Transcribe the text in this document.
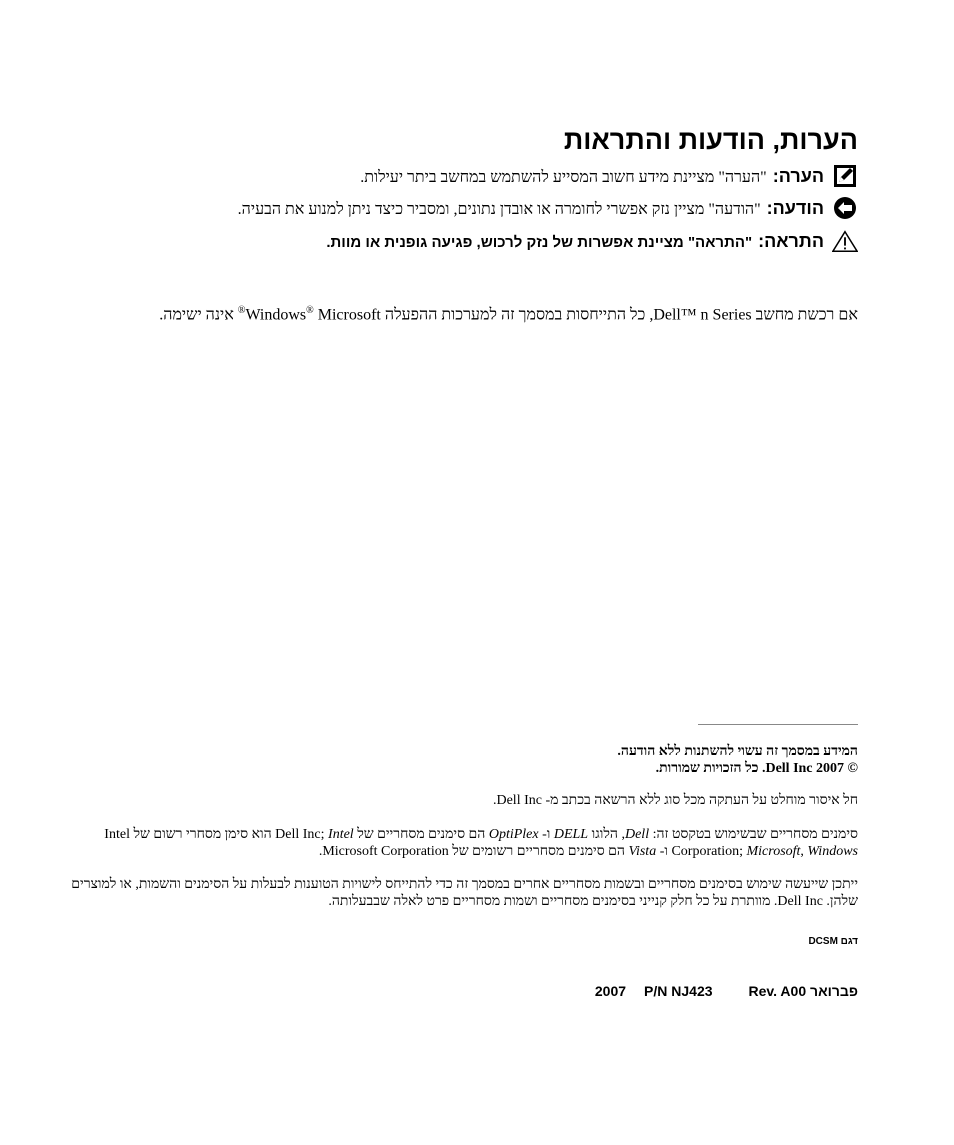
הערות, הודעות והתראות
הערה:"הערה" מציינת מידע חשוב המסייע להשתמש במחשב ביתר יעילות.
הודעה:"הודעה" מציין נזק אפשרי לחומרה או אובדן נתונים, ומסביר כיצד ניתן למנוע את הבעיה.
התראה:"התראה" מציינת אפשרות של נזק לרכוש, פגיעה גופנית או מוות.
אם רכשת מחשב Dell™ n Series, כל התייחסות במסמך זה למערכות ההפעלה Windows® Microsoft® אינה ישימה.
המידע במסמך זה עשוי להשתנות ללא הודעה.
© 2007 Dell Inc. כל הזכויות שמורות.
חל איסור מוחלט על העתקה מכל סוג ללא הרשאה בכתב מ- Dell Inc.
סימנים מסחריים שבשימוש בטקסט זה: Dell, הלוגו DELL ו- OptiPlex הם סימנים מסחריים של Dell Inc; Intel הוא סימן מסחרי רשום של Intel Corporation; Microsoft, Windows ו- Vista הם סימנים מסחריים רשומים של Microsoft Corporation.
ייתכן שייעשה שימוש בסימנים מסחריים ובשמות מסחריים אחרים במסמך זה כדי להתייחס לישויות הטוענות לבעלות על הסימנים והשמות, או למוצרים שלהן. Dell Inc. מוותרת על כל חלק קנייני בסימנים מסחריים ושמות מסחריים פרט לאלה שבבעלותה.
דגם DCSM
פברואר 2007P/N NJ423	Rev. A00
